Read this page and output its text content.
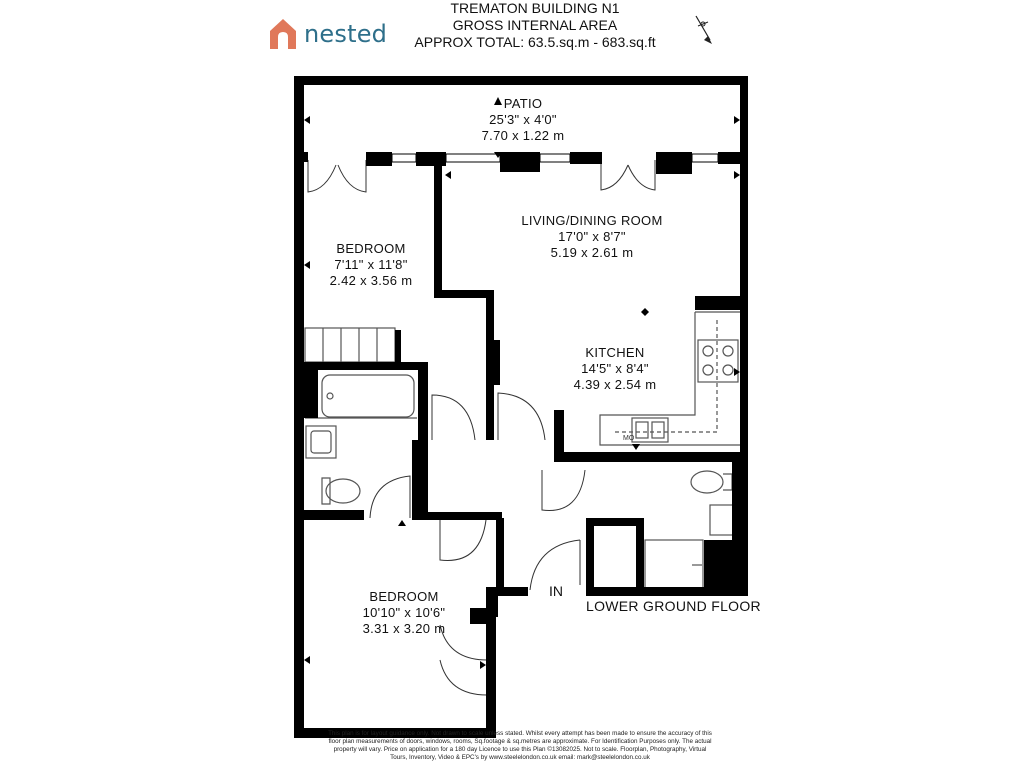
nested
TREMATON BUILDING N1
GROSS INTERNAL AREA
APPROX TOTAL: 63.5.sq.m - 683.sq.ft
MO
PATIO
25'3" x 4'0"
7.70 x 1.22 m
BEDROOM
7'11" x 11'8"
2.42 x 3.56 m
LIVING/DINING ROOM
17'0" x 8'7"
5.19 x 2.61 m
KITCHEN
14'5" x 8'4"
4.39 x 2.54 m
BEDROOM
10'10" x 10'6"
3.31 x 3.20 m
IN
LOWER GROUND FLOOR
This plan is for layout guidance only. Not drawn to scale unless stated. Whilst every attempt has been made to ensure the accuracy of this
floor plan measurements of doors, windows, rooms, Sq.footage & sq.metres are approximate. For Identification Purposes only. The actual
property will vary. Price on application for a 180 day Licence to use this Plan ©13082025. Not to scale. Floorplan, Photography, Virtual
Tours, Inventory, Video & EPC's by www.steelelondon.co.uk email: mark@steelelondon.co.uk
